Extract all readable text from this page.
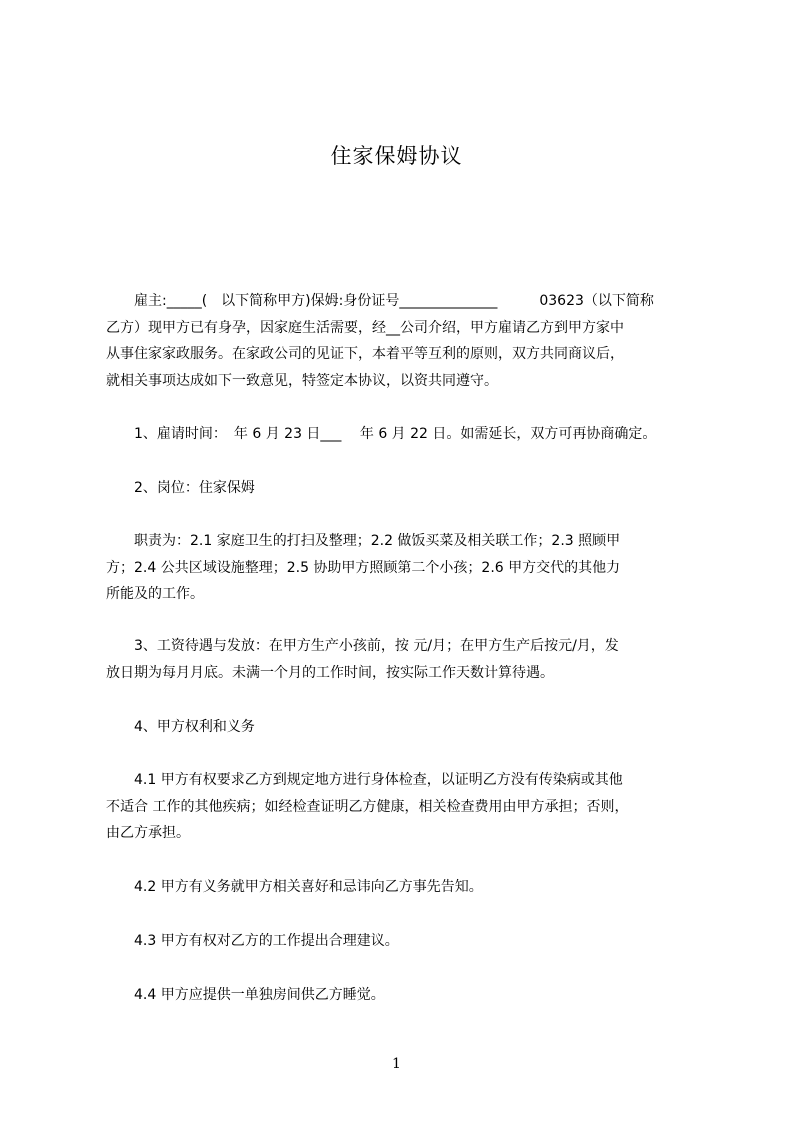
住家保姆协议
　　雇主:_____(　以下简称甲方)保姆:身份证号______________　　　03623（以下简称
乙方）现甲方已有身孕，因家庭生活需要，经__公司介绍，甲方雇请乙方到甲方家中
从事住家家政服务。在家政公司的见证下，本着平等互利的原则，双方共同商议后，
就相关事项达成如下一致意见，特签定本协议，以资共同遵守。
　　1、雇请时间：　年 6 月 23 日___　 年 6 月 22 日。如需延长，双方可再协商确定。
　　2、岗位：住家保姆
　　职责为：2.1 家庭卫生的打扫及整理；2.2 做饭买菜及相关联工作；2.3 照顾甲
方；2.4 公共区域设施整理；2.5 协助甲方照顾第二个小孩；2.6 甲方交代的其他力
所能及的工作。
　　3、工资待遇与发放：在甲方生产小孩前，按 元/月；在甲方生产后按元/月，发
放日期为每月月底。未满一个月的工作时间，按实际工作天数计算待遇。
　　4、甲方权利和义务
　　4.1 甲方有权要求乙方到规定地方进行身体检查，以证明乙方没有传染病或其他
不适合 工作的其他疾病；如经检查证明乙方健康，相关检查费用由甲方承担；否则，
由乙方承担。
　　4.2 甲方有义务就甲方相关喜好和忌讳向乙方事先告知。
　　4.3 甲方有权对乙方的工作提出合理建议。
　　4.4 甲方应提供一单独房间供乙方睡觉。
1
